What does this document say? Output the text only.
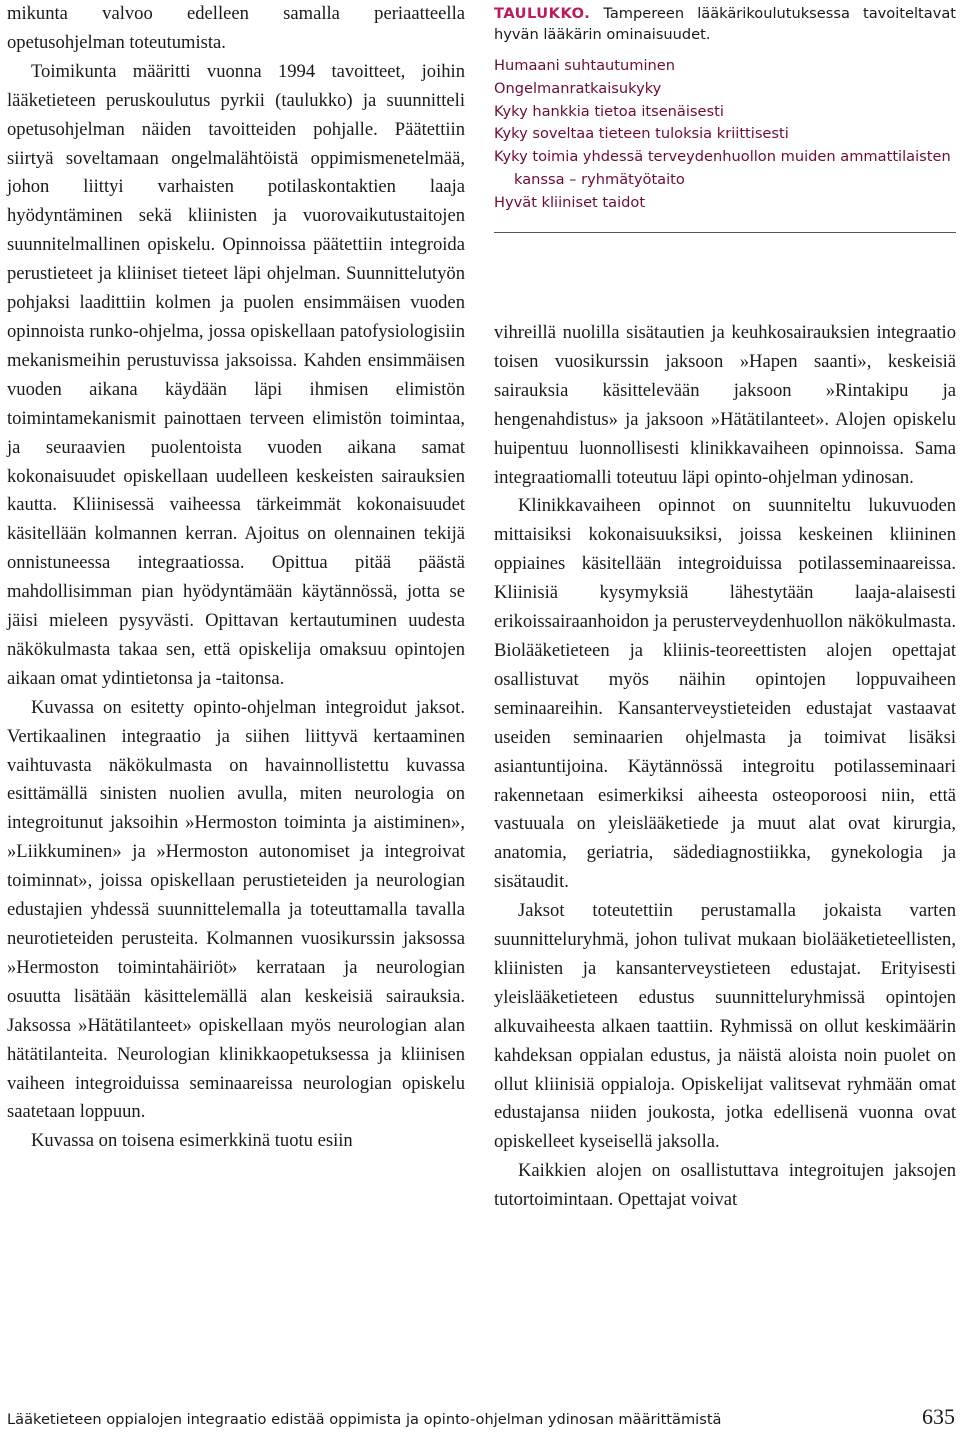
mikunta valvoo edelleen samalla periaatteella opetusohjelman toteutumista.

Toimikunta määritti vuonna 1994 tavoitteet, joihin lääketieteen peruskoulutus pyrkii (taulukko) ja suunnitteli opetusohjelman näiden tavoitteiden pohjalle. Päätettiin siirtyä soveltamaan ongelmalähtöistä oppimismenetelmää, johon liittyi varhaisten potilaskontaktien laaja hyödyntäminen sekä kliinisten ja vuorovaikutustaitojen suunnitelmallinen opiskelu. Opinnoissa päätettiin integroida perustieteet ja kliiniset tieteet läpi ohjelman. Suunnittelutyön pohjaksi laadittiin kolmen ja puolen ensimmäisen vuoden opinnoista runko-ohjelma, jossa opiskellaan patofysiologisiin mekanismeihin perustuvissa jaksoissa. Kahden ensimmäisen vuoden aikana käydään läpi ihmisen elimistön toimintamekanismit painottaen terveen elimistön toimintaa, ja seuraavien puolentoista vuoden aikana samat kokonaisuudet opiskellaan uudelleen keskeisten sairauksien kautta. Kliinisessä vaiheessa tärkeimmät kokonaisuudet käsitellään kolmannen kerran. Ajoitus on olennainen tekijä onnistuneessa integraatiossa. Opittua pitää päästä mahdollisimman pian hyödyntämään käytännössä, jotta se jäisi mieleen pysyvästi. Opittavan kertautuminen uudesta näkökulmasta takaa sen, että opiskelija omaksuu opintojen aikaan omat ydintietonsa ja -taitonsa.

Kuvassa on esitetty opinto-ohjelman integroidut jaksot. Vertikaalinen integraatio ja siihen liittyvä kertaaminen vaihtuvasta näkökulmasta on havainnollistettu kuvassa esittämällä sinisten nuolien avulla, miten neurologia on integroitunut jaksoihin »Hermoston toiminta ja aistiminen», »Liikkuminen» ja »Hermoston autonomiset ja integroivat toiminnat», joissa opiskellaan perustieteiden ja neurologian edustajien yhdessä suunnittelemalla ja toteuttamalla tavalla neurotieteiden perusteita. Kolmannen vuosikurssin jaksossa »Hermoston toimintahäiriöt» kerrataan ja neurologian osuutta lisätään käsittelemällä alan keskeisiä sairauksia. Jaksossa »Hätätilanteet» opiskellaan myös neurologian alan hätätilanteita. Neurologian klinikkaopetuksessa ja kliinisen vaiheen integroiduissa seminaareissa neurologian opiskelu saatetaan loppuun.

Kuvassa on toisena esimerkkinä tuotu esiin

TAULUKKO. Tampereen lääkärikoulutuksessa tavoiteltavat hyvän lääkärin ominaisuudet.
Humaani suhtautuminen
Ongelmanratkaisukyky
Kyky hankkia tietoa itsenäisesti
Kyky soveltaa tieteen tuloksia kriittisesti
Kyky toimia yhdessä terveydenhuollon muiden ammattilaisten
kanssa – ryhmätyötaito
Hyvät kliiniset taidot

vihreillä nuolilla sisätautien ja keuhkosairauksien integraatio toisen vuosikurssin jaksoon »Hapen saanti», keskeisiä sairauksia käsittelevään jaksoon »Rintakipu ja hengenahdistus» ja jaksoon »Hätätilanteet». Alojen opiskelu huipentuu luonnollisesti klinikkavaiheen opinnoissa. Sama integraatiomalli toteutuu läpi opinto-ohjelman ydinosan.

Klinikkavaiheen opinnot on suunniteltu lukuvuoden mittaisiksi kokonaisuuksiksi, joissa keskeinen kliininen oppiaines käsitellään integroiduissa potilasseminaareissa. Kliinisiä kysymyksiä lähestytään laaja-alaisesti erikoissairaanhoidon ja perusterveydenhuollon näkökulmasta. Biolääketieteen ja kliinis-teoreettisten alojen opettajat osallistuvat myös näihin opintojen loppuvaiheen seminaareihin. Kansanterveystieteiden edustajat vastaavat useiden seminaarien ohjelmasta ja toimivat lisäksi asiantuntijoina. Käytännössä integroitu potilasseminaari rakennetaan esimerkiksi aiheesta osteoporoosi niin, että vastuuala on yleislääketiede ja muut alat ovat kirurgia, anatomia, geriatria, sädediagnostiikka, gynekologia ja sisätaudit.

Jaksot toteutettiin perustamalla jokaista varten suunnitteluryhmä, johon tulivat mukaan biolääketieteellisten, kliinisten ja kansanterveystieteen edustajat. Erityisesti yleislääketieteen edustus suunnitteluryhmissä opintojen alkuvaiheesta alkaen taattiin. Ryhmissä on ollut keskimäärin kahdeksan oppialan edustus, ja näistä aloista noin puolet on ollut kliinisiä oppialoja. Opiskelijat valitsevat ryhmään omat edustajansa niiden joukosta, jotka edellisenä vuonna ovat opiskelleet kyseisellä jaksolla.

Kaikkien alojen on osallistuttava integroitujen jaksojen tutortoimintaan. Opettajat voivat

Lääketieteen oppialojen integraatio edistää oppimista ja opinto-ohjelman ydinosan määrittämistä	635
